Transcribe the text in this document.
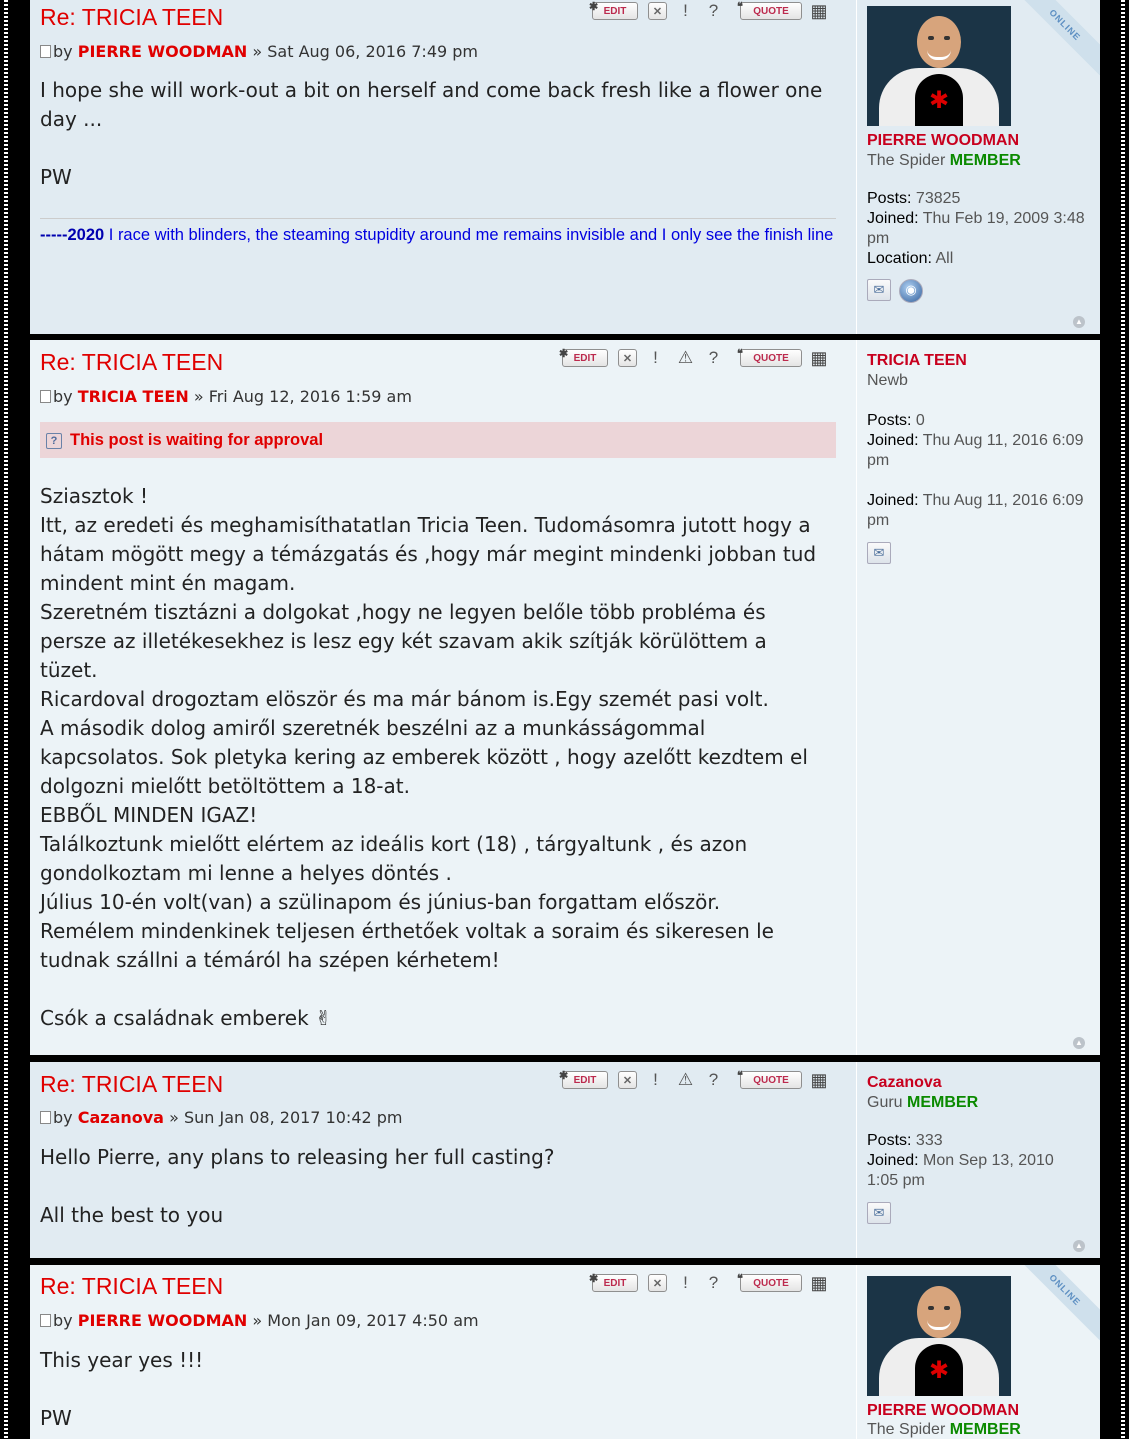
Re: TRICIA TEEN	✱ EDIT	✕	!	?	❝ QUOTE	▦
by PIERRE WOODMAN » Sat Aug 06, 2016 7:49 pm

I hope she will work-out a bit on herself and come back fresh like a flower one day ...

PW

-----2020 I race with blinders, the steaming stupidity around me remains invisible and I only see the finish line
✱
ONLINE
PIERRE WOODMAN
The Spider MEMBER
Posts: 73825
Joined: Thu Feb 19, 2009 3:48 pm
Location: All
✉	◉
▲
Re: TRICIA TEEN	✱ EDIT	✕	!	⚠ ?	❝ QUOTE	▦
by TRICIA TEEN » Fri Aug 12, 2016 1:59 am
? This post is waiting for approval

Sziasztok !

Itt, az eredeti és meghamisíthatatlan Tricia Teen. Tudomásomra jutott hogy a hátam mögött megy a témázgatás és ,hogy már megint mindenki jobban tud mindent mint én magam.

Szeretném tisztázni a dolgokat ,hogy ne legyen belőle több probléma és persze az illetékesekhez is lesz egy két szavam akik szítják körülöttem a tüzet.

Ricardoval drogoztam elöször és ma már bánom is.Egy szemét pasi volt.

A második dolog amiről szeretnék beszélni az a munkásságommal kapcsolatos. Sok pletyka kering az emberek között , hogy azelőtt kezdtem el dolgozni mielőtt betöltöttem a 18-at.

EBBŐL MINDEN IGAZ!

Találkoztunk mielőtt elértem az ideális kort (18) , tárgyaltunk , és azon gondolkoztam mi lenne a helyes döntés .

Július 10-én volt(van) a szülinapom és június-ban forgattam először.

Remélem mindenkinek teljesen érthetőek voltak a soraim és sikeresen le tudnak szállni a témáról ha szépen kérhetem!

Csók a családnak emberek ✌

TRICIA TEEN
Newb
Posts: 0
Joined: Thu Aug 11, 2016 6:09 pm
Joined: Thu Aug 11, 2016 6:09 pm
✉
▲
Re: TRICIA TEEN	✱ EDIT	✕	!	⚠ ?	❝ QUOTE	▦
by Cazanova » Sun Jan 08, 2017 10:42 pm

Hello Pierre, any plans to releasing her full casting?

All the best to you

Cazanova
Guru MEMBER
Posts: 333
Joined: Mon Sep 13, 2010 1:05 pm
✉
▲
Re: TRICIA TEEN	✱ EDIT	✕	!	?	❝ QUOTE	▦
by PIERRE WOODMAN » Mon Jan 09, 2017 4:50 am

This year yes !!!

PW

✱
ONLINE
PIERRE WOODMAN
The Spider MEMBER
